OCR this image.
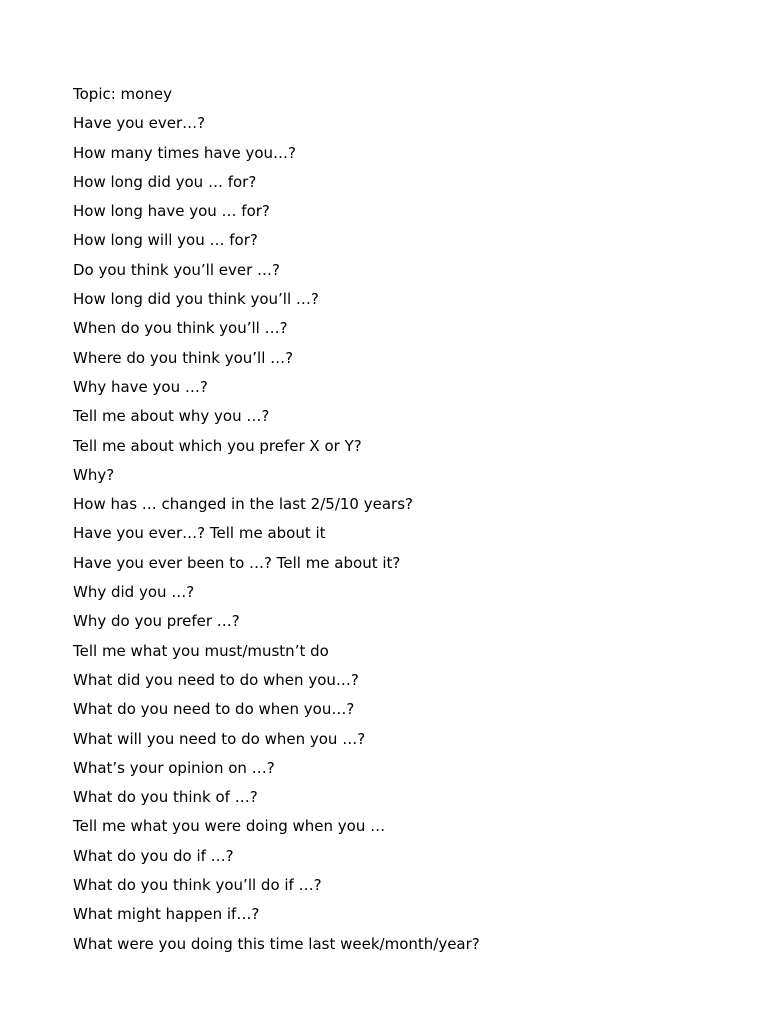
Topic: money
Have you ever…?
How many times have you…?
How long did you … for?
How long have you … for?
How long will you … for?
Do you think you’ll ever …?
How long did you think you’ll …?
When do you think you’ll …?
Where do you think you’ll …?
Why have you …?
Tell me about why you …?
Tell me about which you prefer X or Y?
Why?
How has … changed in the last 2/5/10 years?
Have you ever…? Tell me about it
Have you ever been to …? Tell me about it?
Why did you …?
Why do you prefer …?
Tell me what you must/mustn’t do
What did you need to do when you…?
What do you need to do when you…?
What will you need to do when you …?
What’s your opinion on …?
What do you think of …?
Tell me what you were doing when you …
What do you do if …?
What do you think you’ll do if …?
What might happen if…?
What were you doing this time last week/month/year?
